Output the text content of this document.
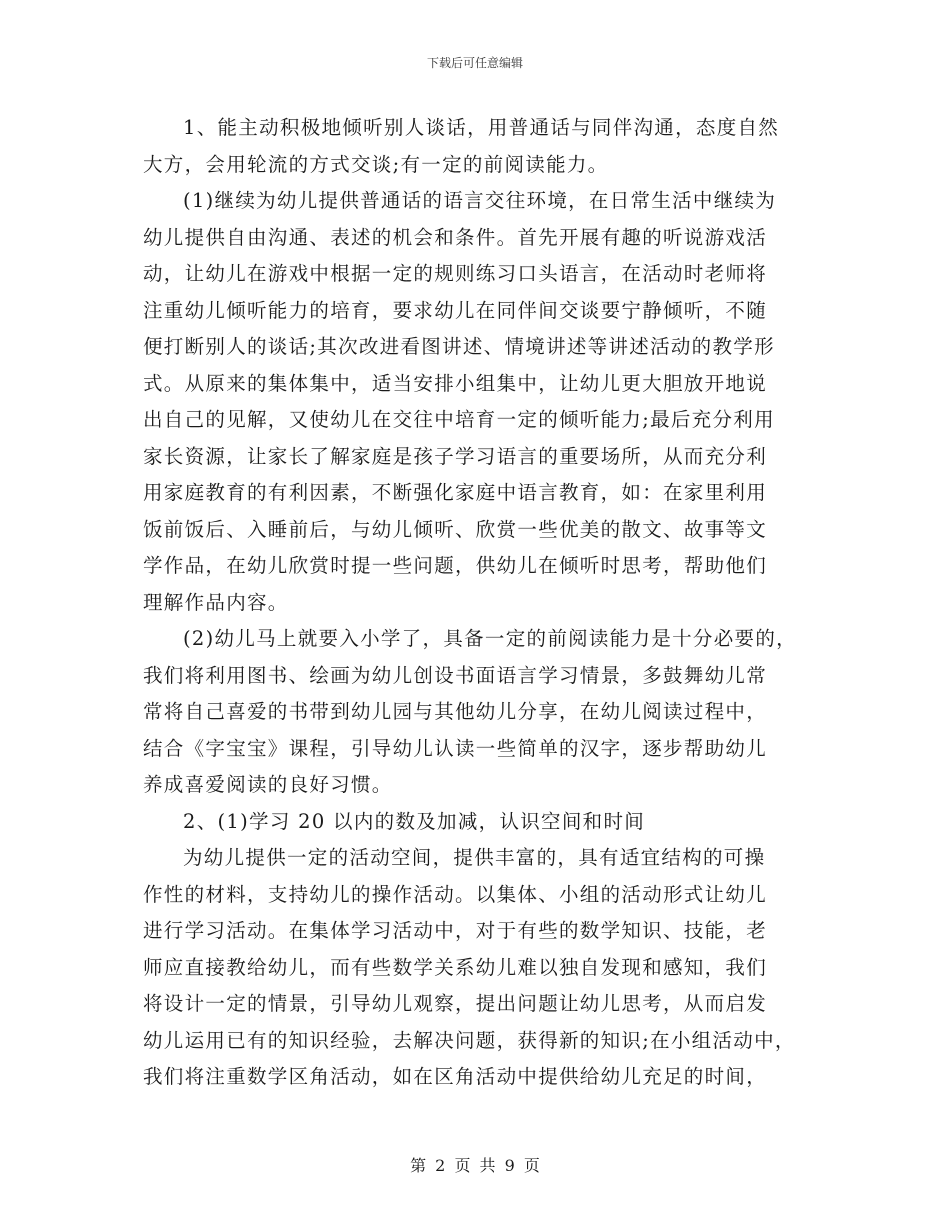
下载后可任意编辑
1、能主动积极地倾听别人谈话，用普通话与同伴沟通，态度自然
大方，会用轮流的方式交谈;有一定的前阅读能力。
(1)继续为幼儿提供普通话的语言交往环境，在日常生活中继续为
幼儿提供自由沟通、表述的机会和条件。首先开展有趣的听说游戏活
动，让幼儿在游戏中根据一定的规则练习口头语言，在活动时老师将
注重幼儿倾听能力的培育，要求幼儿在同伴间交谈要宁静倾听，不随
便打断别人的谈话;其次改进看图讲述、情境讲述等讲述活动的教学形
式。从原来的集体集中，适当安排小组集中，让幼儿更大胆放开地说
出自己的见解，又使幼儿在交往中培育一定的倾听能力;最后充分利用
家长资源，让家长了解家庭是孩子学习语言的重要场所，从而充分利
用家庭教育的有利因素，不断强化家庭中语言教育，如：在家里利用
饭前饭后、入睡前后，与幼儿倾听、欣赏一些优美的散文、故事等文
学作品，在幼儿欣赏时提一些问题，供幼儿在倾听时思考，帮助他们
理解作品内容。
(2)幼儿马上就要入小学了，具备一定的前阅读能力是十分必要的，
我们将利用图书、绘画为幼儿创设书面语言学习情景，多鼓舞幼儿常
常将自己喜爱的书带到幼儿园与其他幼儿分享，在幼儿阅读过程中，
结合《字宝宝》课程，引导幼儿认读一些简单的汉字，逐步帮助幼儿
养成喜爱阅读的良好习惯。
2、(1)学习 20 以内的数及加减，认识空间和时间
为幼儿提供一定的活动空间，提供丰富的，具有适宜结构的可操
作性的材料，支持幼儿的操作活动。以集体、小组的活动形式让幼儿
进行学习活动。在集体学习活动中，对于有些的数学知识、技能，老
师应直接教给幼儿，而有些数学关系幼儿难以独自发现和感知，我们
将设计一定的情景，引导幼儿观察，提出问题让幼儿思考，从而启发
幼儿运用已有的知识经验，去解决问题，获得新的知识;在小组活动中，
我们将注重数学区角活动，如在区角活动中提供给幼儿充足的时间，
第 2 页 共 9 页
